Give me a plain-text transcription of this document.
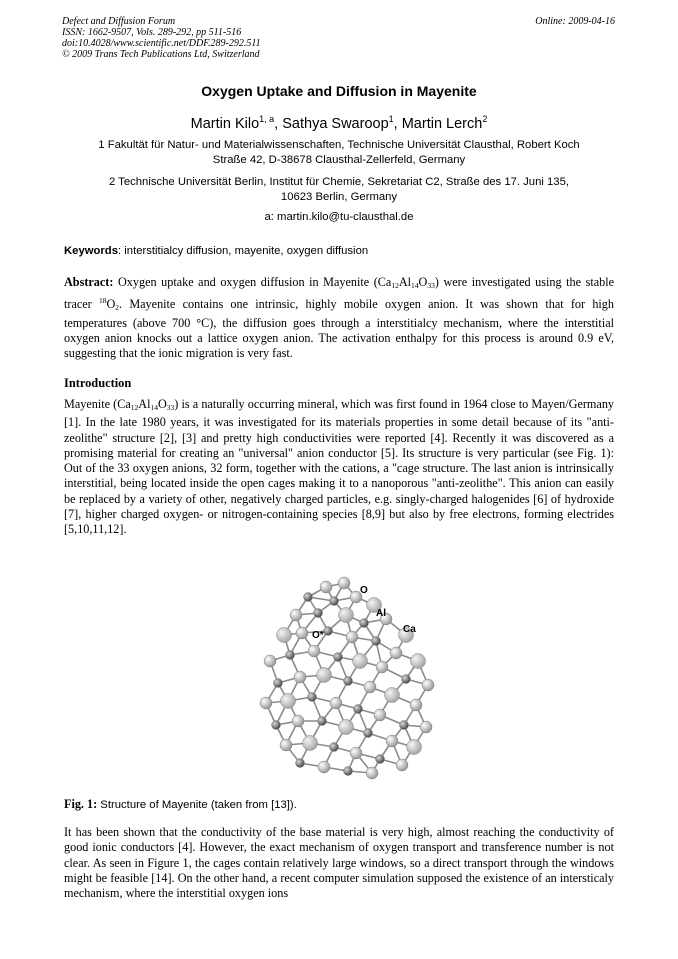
Defect and Diffusion Forum
ISSN: 1662-9507, Vols. 289-292, pp 511-516
doi:10.4028/www.scientific.net/DDF.289-292.511
© 2009 Trans Tech Publications Ltd, Switzerland
Online: 2009-04-16
Oxygen Uptake and Diffusion in Mayenite
Martin Kilo$^{1, a}$, Sathya Swaroop$^1$, Martin Lerch$^2$
1 Fakultät für Natur- und Materialwissenschaften, Technische Universität Clausthal, Robert Koch
Straße 42, D-38678 Clausthal-Zellerfeld, Germany
2 Technische Universität Berlin, Institut für Chemie, Sekretariat C2, Straße des 17. Juni 135,
10623 Berlin, Germany
a: martin.kilo@tu-clausthal.de
Keywords: interstitialcy diffusion, mayenite, oxygen diffusion
Abstract: Oxygen uptake and oxygen diffusion in Mayenite $(Ca_{12}Al_{14}O_{33})$ were investigated using the stable tracer $^{18}O_2$. Mayenite contains one intrinsic, highly mobile oxygen anion. It was shown that for high temperatures (above 700 °C), the diffusion goes through a interstitialcy mechanism, where the interstitial oxygen anion knocks out a lattice oxygen anion. The activation enthalpy for this process is around 0.9 eV, suggesting that the ionic migration is very fast.
Introduction
Mayenite $(Ca_{12}Al_{14}O_{33})$ is a naturally occurring mineral, which was first found in 1964 close to Mayen/Germany [1]. In the late 1980 years, it was investigated for its materials properties in some detail because of its "anti-zeolithe" structure [2], [3] and pretty high conductivities were reported [4]. Recently it was discovered as a promising material for creating an "universal" anion conductor [5]. Its structure is very particular (see Fig. 1): Out of the 33 oxygen anions, 32 form, together with the cations, a "cage structure. The last anion is intrinsically interstitial, being located inside the open cages making it to a nanoporous "anti-zeolithe". This anion can easily be replaced by a variety of other, negatively charged particles, e.g. singly-charged halogenides [6] of hydroxide [7], higher charged oxygen- or nitrogen-containing species [8,9] but also by free electrons, forming electrides [5,10,11,12].
O
Al
Ca
O*
Fig. 1: Structure of Mayenite (taken from [13]).
It has been shown that the conductivity of the base material is very high, almost reaching the conductivity of good ionic conductors [4]. However, the exact mechanism of oxygen transport and transference number is not clear. As seen in Figure 1, the cages contain relatively large windows, so a direct transport through the windows might be feasible [14]. On the other hand, a recent computer simulation supposed the existence of an intersticaly mechanism, where the interstitial oxygen ions
